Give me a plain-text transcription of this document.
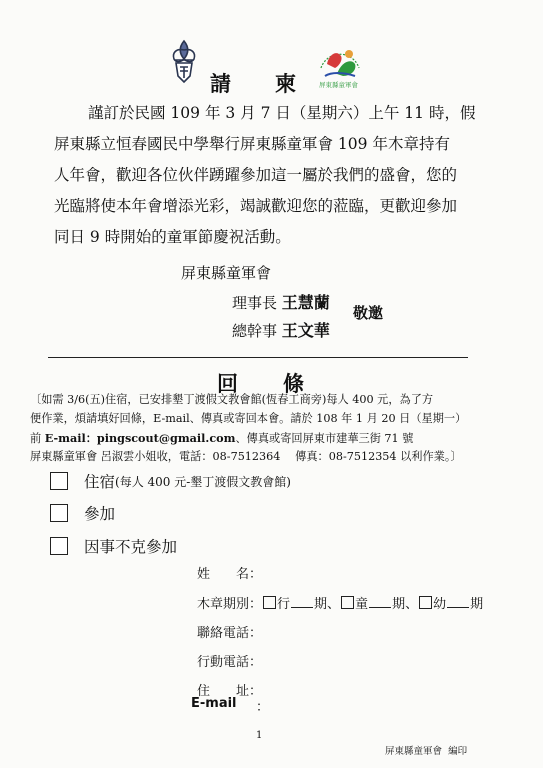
請 柬	屏東縣童軍會
謹訂於民國 109 年 3 月 7 日（星期六）上午 11 時，假
屏東縣立恒春國民中學舉行屏東縣童軍會 109 年木章持有
人年會，歡迎各位伙伴踴躍參加這一屬於我們的盛會，您的
光臨將使本年會增添光彩，竭誠歡迎您的蒞臨，更歡迎參加
同日 9 時開始的童軍節慶祝活動。
屏東縣童軍會
理事長 王慧蘭
總幹事 王文華
敬邀
回 條
〔如需 3/6(五)住宿，已安排墾丁渡假文教會館(恆春工商旁)每人 400 元，為了方
便作業，煩請填好回條，E-mail、傳真或寄回本會。請於 108 年 1 月 20 日（星期一）
前 E-mail：pingscout@gmail.com、傳真或寄回屏東市建華三街 71 號
屏東縣童軍會 呂淑雲小姐收，電話：08-7512364　 傳真：08-7512354 以利作業。〕
住宿 (每人 400 元-墾丁渡假文教會館)
參加
因事不克參加
姓　　名：
木章期別： 行 期、 童 期、 幼 期
聯絡電話：
行動電話：
住　　址：
E-mail ：
1
屏東縣童軍會 編印
